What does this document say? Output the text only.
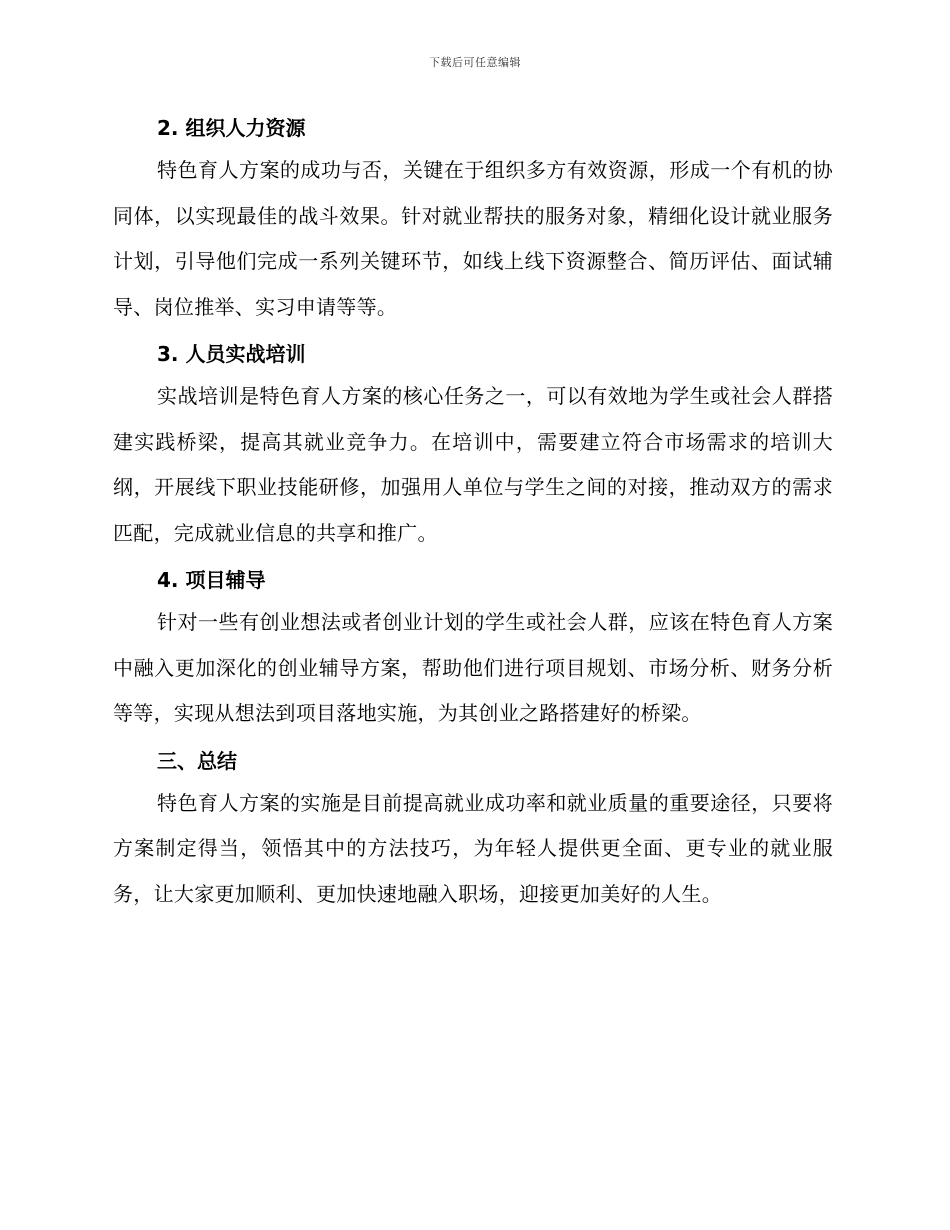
下载后可任意编辑
2. 组织人力资源

特色育人方案的成功与否，关键在于组织多方有效资源，形成一个有机的协同体，以实现最佳的战斗效果。针对就业帮扶的服务对象，精细化设计就业服务计划，引导他们完成一系列关键环节，如线上线下资源整合、简历评估、面试辅导、岗位推举、实习申请等等。

3. 人员实战培训

实战培训是特色育人方案的核心任务之一，可以有效地为学生或社会人群搭建实践桥梁，提高其就业竞争力。在培训中，需要建立符合市场需求的培训大纲，开展线下职业技能研修，加强用人单位与学生之间的对接，推动双方的需求匹配，完成就业信息的共享和推广。

4. 项目辅导

针对一些有创业想法或者创业计划的学生或社会人群，应该在特色育人方案中融入更加深化的创业辅导方案，帮助他们进行项目规划、市场分析、财务分析等等，实现从想法到项目落地实施，为其创业之路搭建好的桥梁。

三、总结

特色育人方案的实施是目前提高就业成功率和就业质量的重要途径，只要将方案制定得当，领悟其中的方法技巧，为年轻人提供更全面、更专业的就业服务，让大家更加顺利、更加快速地融入职场，迎接更加美好的人生。
